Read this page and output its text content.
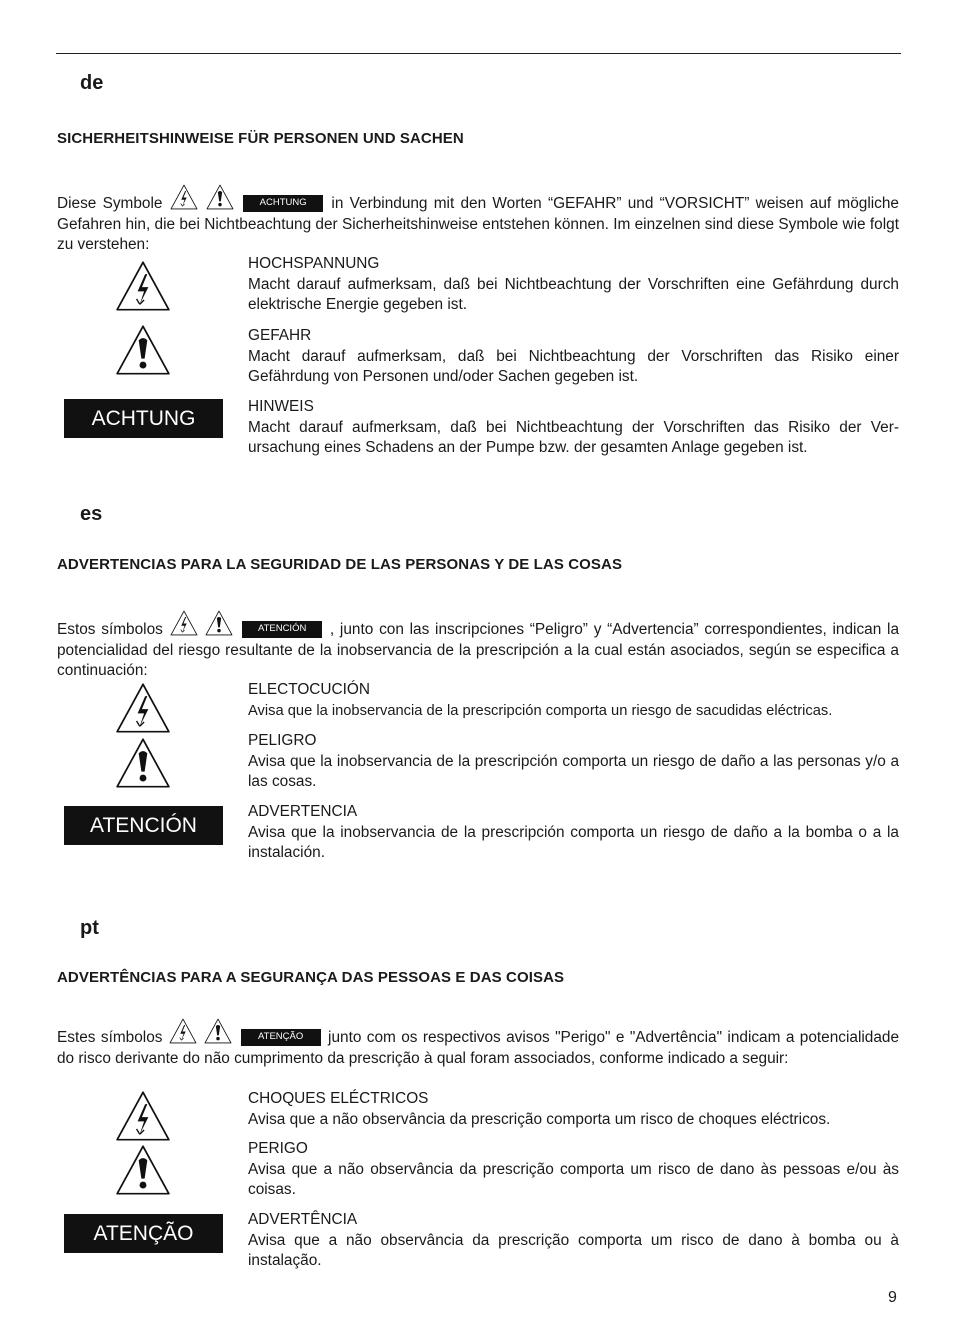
de
SICHERHEITSHINWEISE FÜR PERSONEN UND SACHEN
Diese Symbole	ACHTUNG in Verbindung mit den Worten “GEFAHR” und “VORSICHT” weisen auf mögliche Gefahren hin, die bei Nichtbeachtung der Sicherheitshinweise entstehen können. Im einzelnen sind diese Symbole wie folgt zu verstehen:
HOCHSPANNUNG
Macht darauf aufmerksam, daß bei Nichtbeachtung der Vorschriften eine Gefährdung durch elektrische Energie gegeben ist.
GEFAHR
Macht darauf aufmerksam, daß bei Nichtbeachtung der Vorschriften das Risiko einer Gefährdung von Personen und/oder Sachen gegeben ist.
ACHTUNG
HINWEIS
Macht darauf aufmerksam, daß bei Nichtbeachtung der Vorschriften das Risiko der Ver-ursachung eines Schadens an der Pumpe bzw. der gesamten Anlage gegeben ist.
es
ADVERTENCIAS PARA LA SEGURIDAD DE LAS PERSONAS Y DE LAS COSAS
Estos símbolos	ATENCIÓN , junto con las inscripciones “Peligro” y “Advertencia” correspondientes, indican la potencialidad del riesgo resultante de la inobservancia de la prescripción a la cual están asociados, según se especifica a continuación:
ELECTOCUCIÓN
Avisa que la inobservancia de la prescripción comporta un riesgo de sacudidas eléctricas.
PELIGRO
Avisa que la inobservancia de la prescripción comporta un riesgo de daño a las personas y/o a las cosas.
ATENCIÓN
ADVERTENCIA
Avisa que la inobservancia de la prescripción comporta un riesgo de daño a la bomba o a la instalación.
pt
ADVERTÊNCIAS PARA A SEGURANÇA DAS PESSOAS E DAS COISAS
Estes símbolos	ATENÇÃO junto com os respectivos avisos "Perigo" e "Advertência" indicam a potencialidade do risco derivante do não cumprimento da prescrição à qual foram associados, conforme indicado a seguir:
CHOQUES ELÉCTRICOS
Avisa que a não observância da prescrição comporta um risco de choques eléctricos.
PERIGO
Avisa que a não observância da prescrição comporta um risco de dano às pessoas e/ou às coisas.
ATENÇÃO
ADVERTÊNCIA
Avisa que a não observância da prescrição comporta um risco de dano à bomba ou à instalação.
9
